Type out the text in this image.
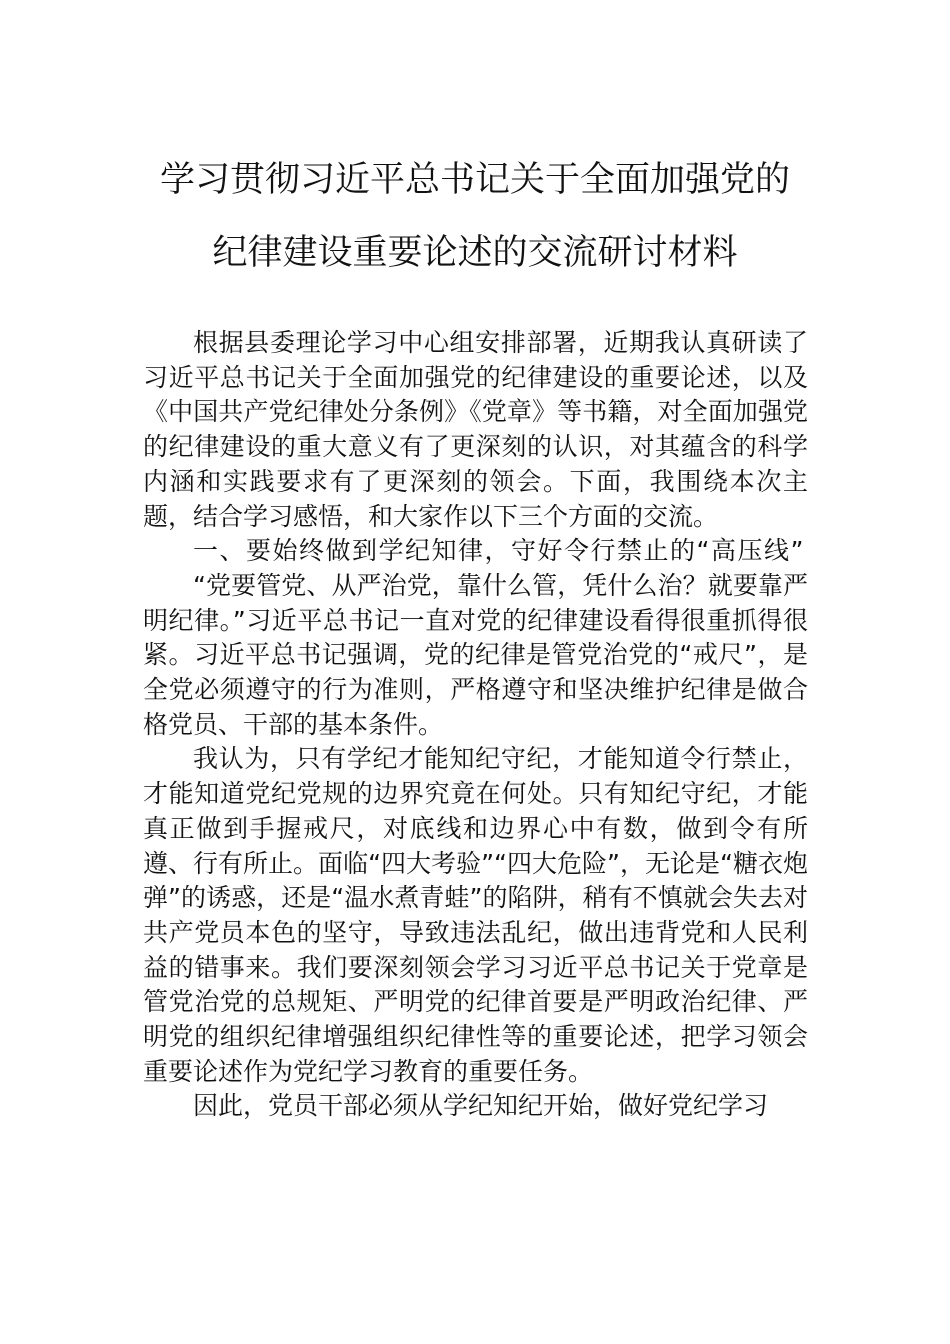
学习贯彻习近平总书记关于全面加强党的
纪律建设重要论述的交流研讨材料

根据县委理论学习中心组安排部署，近期我认真研读了习近平总书记关于全面加强党的纪律建设的重要论述，以及《中国共产党纪律处分条例》《党章》等书籍，对全面加强党的纪律建设的重大意义有了更深刻的认识，对其蕴含的科学内涵和实践要求有了更深刻的领会。下面，我围绕本次主题，结合学习感悟，和大家作以下三个方面的交流。

一、要始终做到学纪知律，守好令行禁止的“高压线”

“党要管党、从严治党，靠什么管，凭什么治？就要靠严明纪律。”习近平总书记一直对党的纪律建设看得很重抓得很紧。习近平总书记强调，党的纪律是管党治党的“戒尺”，是全党必须遵守的行为准则，严格遵守和坚决维护纪律是做合格党员、干部的基本条件。

我认为，只有学纪才能知纪守纪，才能知道令行禁止，才能知道党纪党规的边界究竟在何处。只有知纪守纪，才能真正做到手握戒尺，对底线和边界心中有数，做到令有所遵、行有所止。面临“四大考验”“四大危险”，无论是“糖衣炮弹”的诱惑，还是“温水煮青蛙”的陷阱，稍有不慎就会失去对共产党员本色的坚守，导致违法乱纪，做出违背党和人民利益的错事来。我们要深刻领会学习习近平总书记关于党章是管党治党的总规矩、严明党的纪律首要是严明政治纪律、严明党的组织纪律增强组织纪律性等的重要论述，把学习领会重要论述作为党纪学习教育的重要任务。

因此，党员干部必须从学纪知纪开始，做好党纪学习
